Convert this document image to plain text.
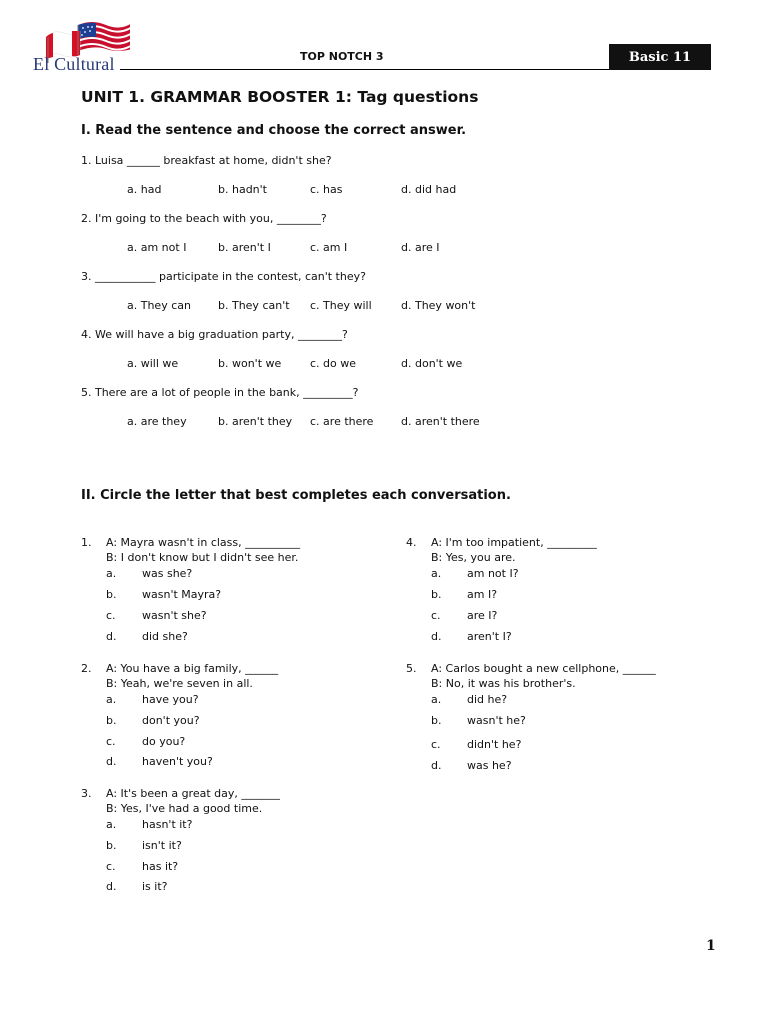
El Cultural	TOP NOTCH 3	Basic 11
UNIT 1. GRAMMAR BOOSTER 1: Tag questions
I. Read the sentence and choose the correct answer.
1. Luisa ______ breakfast at home, didn't she?
a. had	b. hadn't	c. has	d. did had
2. I'm going to the beach with you, ________?
a. am not I	b. aren't I	c. am I	d. are I
3. ___________ participate in the contest, can't they?
a. They can b. They can't c. They will	d. They won't
4. We will have a big graduation party, ________?
a. will we	b. won't we	c. do we	d. don't we
5. There are a lot of people in the bank, _________?
a. are they	b. aren't they c. are there	d. aren't there
II. Circle the letter that best completes each conversation.
1. A: Mayra wasn't in class, __________
B: I don't know but I didn't see her.
a. was she?
b. wasn't Mayra?
c. wasn't she?
d. did she?
2. A: You have a big family, ______
B: Yeah, we're seven in all.
a. have you?
b. don't you?
c. do you?
d. haven't you?
3. A: It's been a great day, _______
B: Yes, I've had a good time.
a. hasn't it?
b. isn't it?
c. has it?
d. is it?
4. A: I'm too impatient, _________
B: Yes, you are.
a. am not I?
b. am I?
c. are I?
d. aren't I?
5. A: Carlos bought a new cellphone, ______
B: No, it was his brother's.
a. did he?
b. wasn't he?
c. didn't he?
d. was he?
1
